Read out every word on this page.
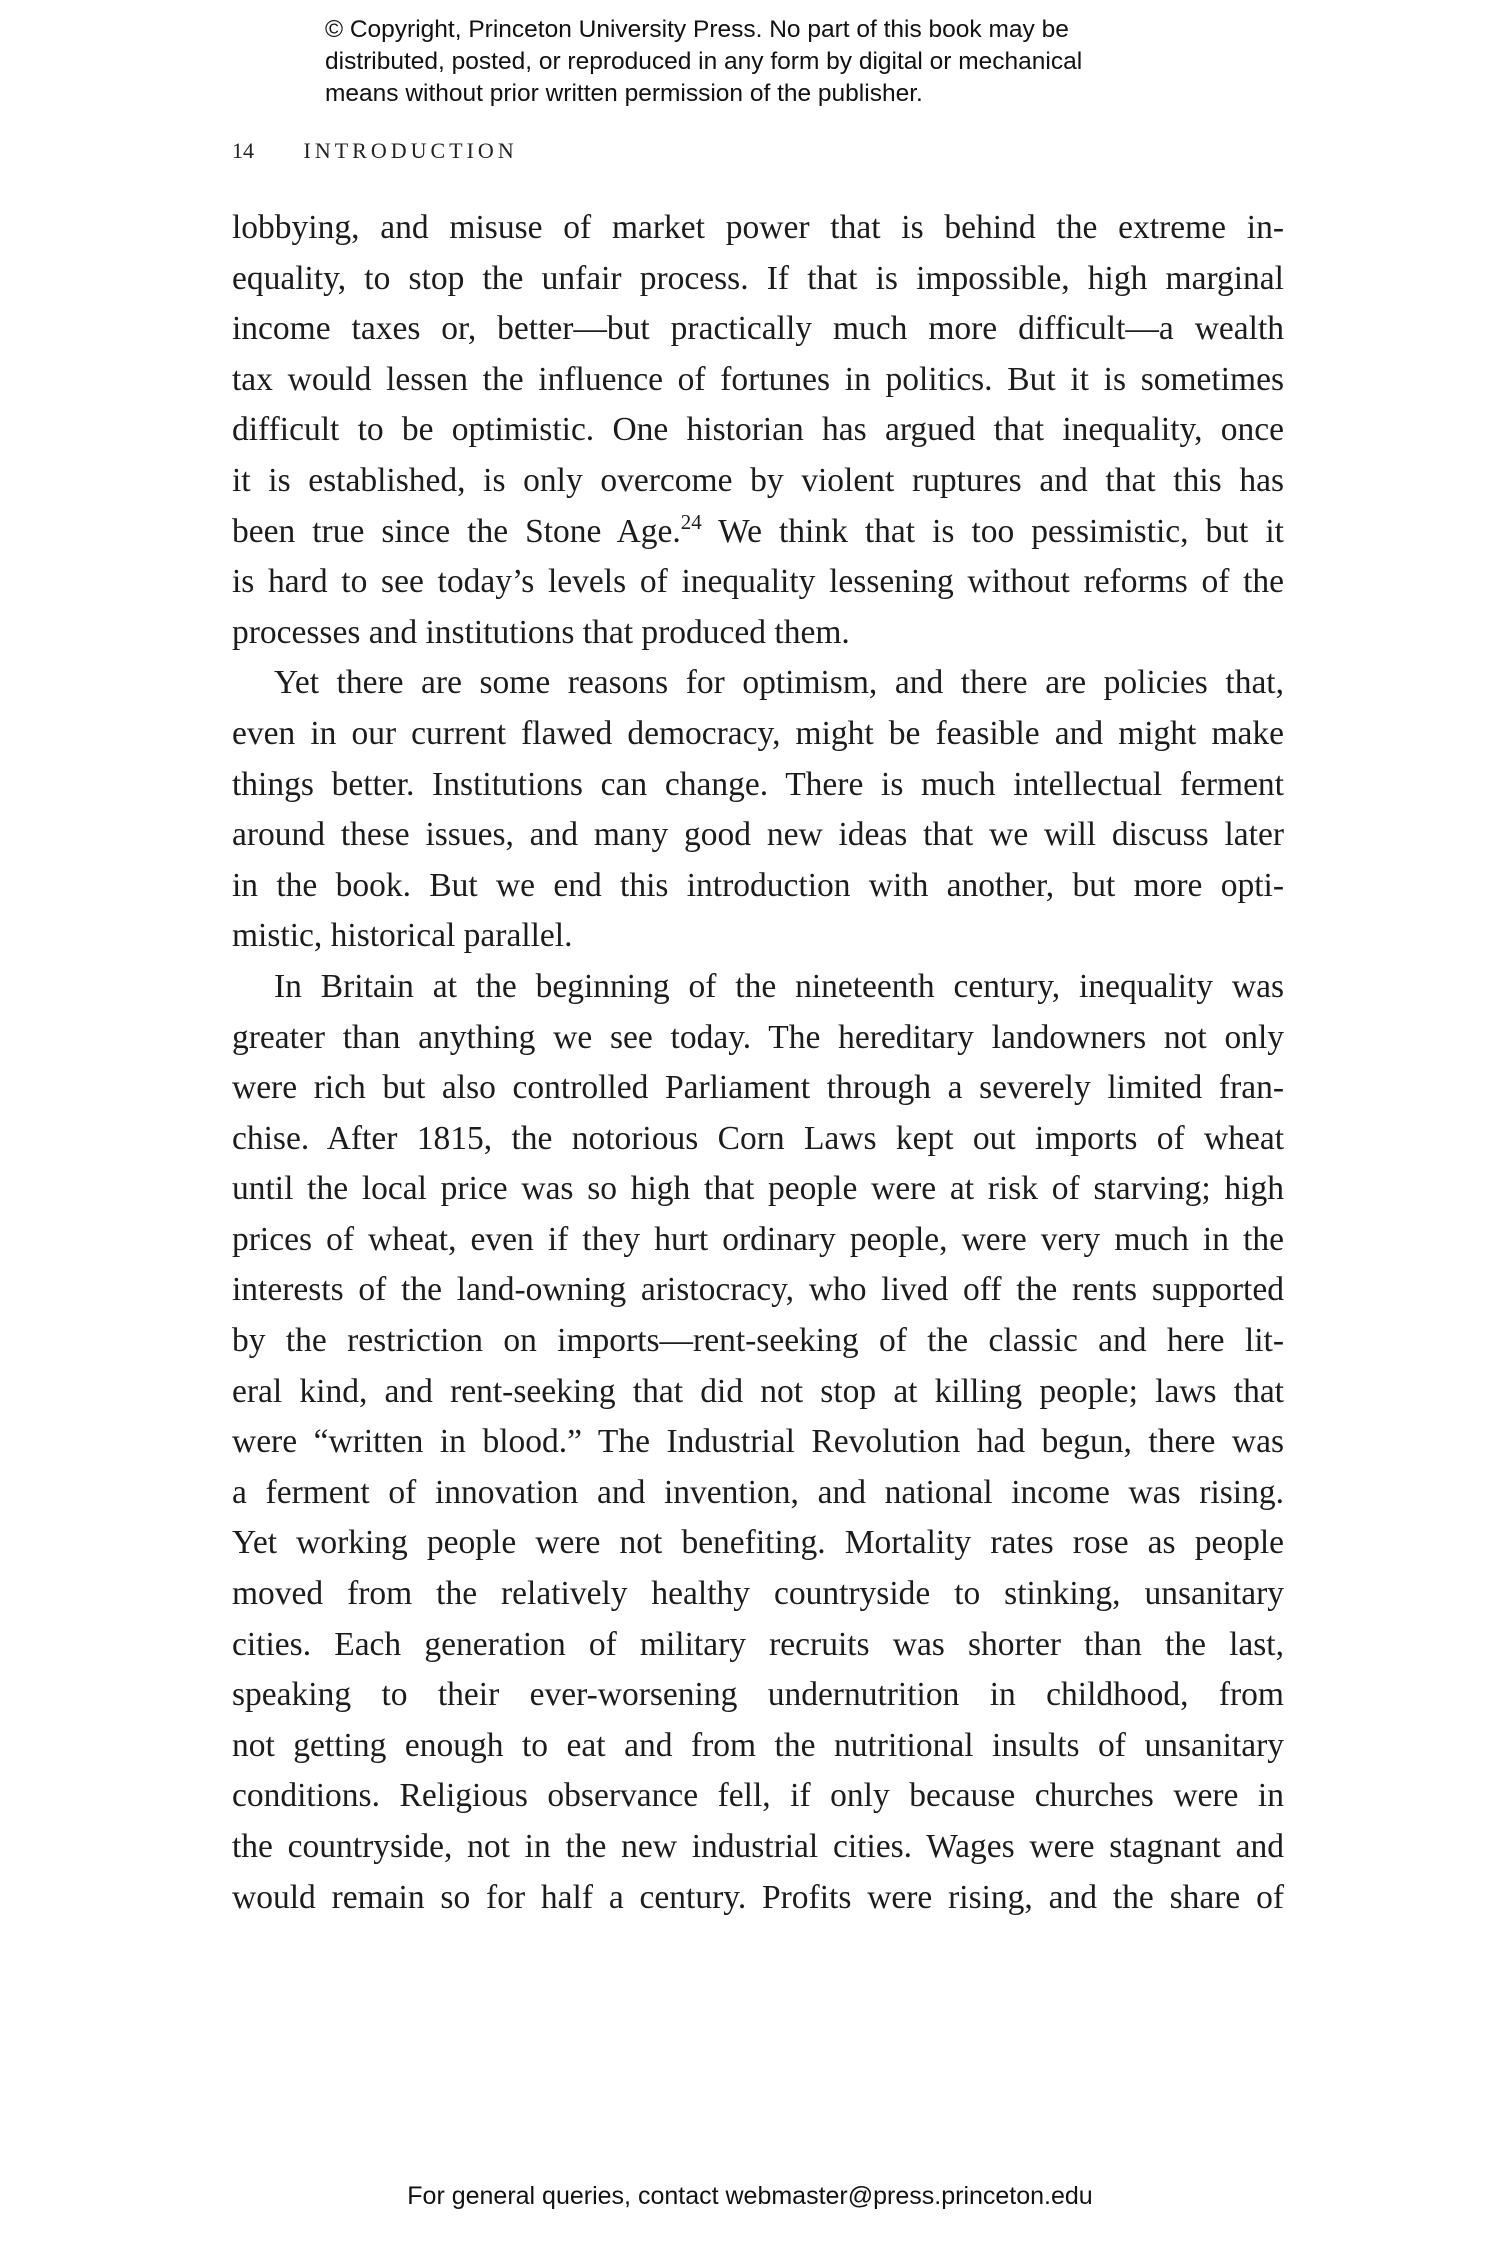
© Copyright, Princeton University Press. No part of this book may be
distributed, posted, or reproduced in any form by digital or mechanical
means without prior written permission of the publisher.
14 INTRODUCTION
lobbying, and misuse of market power that is behind the extreme in-
equality, to stop the unfair process. If that is impossible, high marginal
income taxes or, better—but practically much more difficult—a wealth
tax would lessen the influence of fortunes in politics. But it is sometimes
difficult to be optimistic. One historian has argued that inequality, once
it is established, is only overcome by violent ruptures and that this has
been true since the Stone Age.$^{24}$ We think that is too pessimistic, but it
is hard to see today’s levels of inequality lessening without reforms of the
processes and institutions that produced them.
Yet there are some reasons for optimism, and there are policies that,
even in our current flawed democracy, might be feasible and might make
things better. Institutions can change. There is much intellectual ferment
around these issues, and many good new ideas that we will discuss later
in the book. But we end this introduction with another, but more opti-
mistic, historical parallel.
In Britain at the beginning of the nineteenth century, inequality was
greater than anything we see today. The hereditary landowners not only
were rich but also controlled Parliament through a severely limited fran-
chise. After 1815, the notorious Corn Laws kept out imports of wheat
until the local price was so high that people were at risk of starving; high
prices of wheat, even if they hurt ordinary people, were very much in the
interests of the land-owning aristocracy, who lived off the rents supported
by the restriction on imports—rent-seeking of the classic and here lit-
eral kind, and rent-seeking that did not stop at killing people; laws that
were “written in blood.” The Industrial Revolution had begun, there was
a ferment of innovation and invention, and national income was rising.
Yet working people were not benefiting. Mortality rates rose as people
moved from the relatively healthy countryside to stinking, unsanitary
cities. Each generation of military recruits was shorter than the last,
speaking to their ever-worsening undernutrition in childhood, from
not getting enough to eat and from the nutritional insults of unsanitary
conditions. Religious observance fell, if only because churches were in
the countryside, not in the new industrial cities. Wages were stagnant and
would remain so for half a century. Profits were rising, and the share of
For general queries, contact webmaster@press.princeton.edu
